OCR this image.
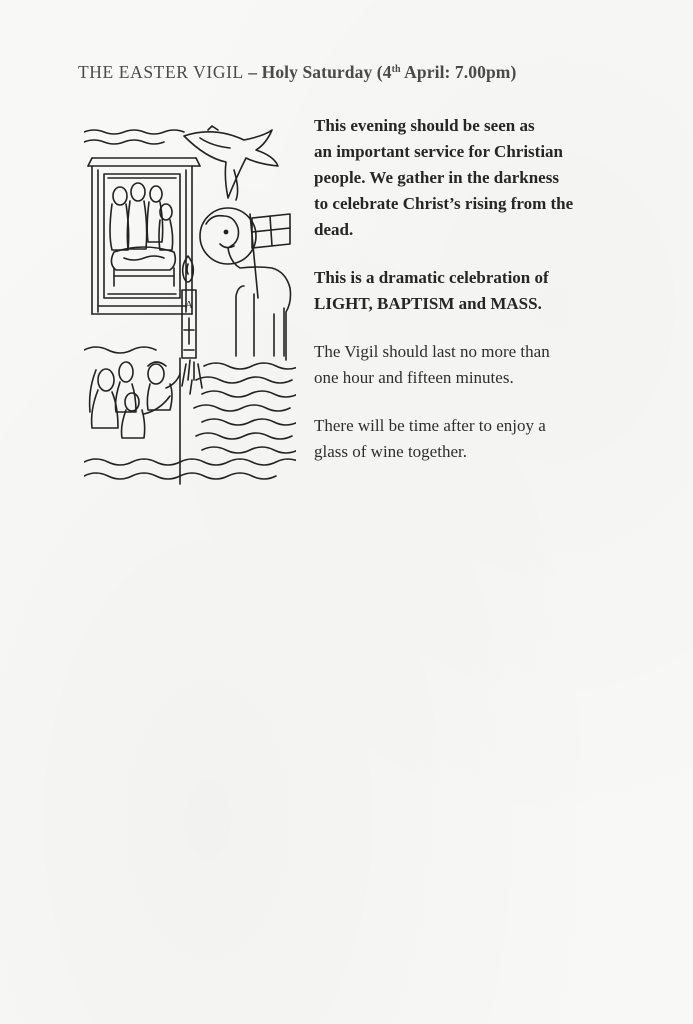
THE EASTER VIGIL – Holy Saturday (4th April: 7.00pm)
A

This evening should be seen as
an important service for Christian
people. We gather in the darkness
to celebrate Christ’s rising from the
dead.

This is a dramatic celebration of
LIGHT, BAPTISM and MASS.

The Vigil should last no more than
one hour and fifteen minutes.

There will be time after to enjoy a
glass of wine together.
